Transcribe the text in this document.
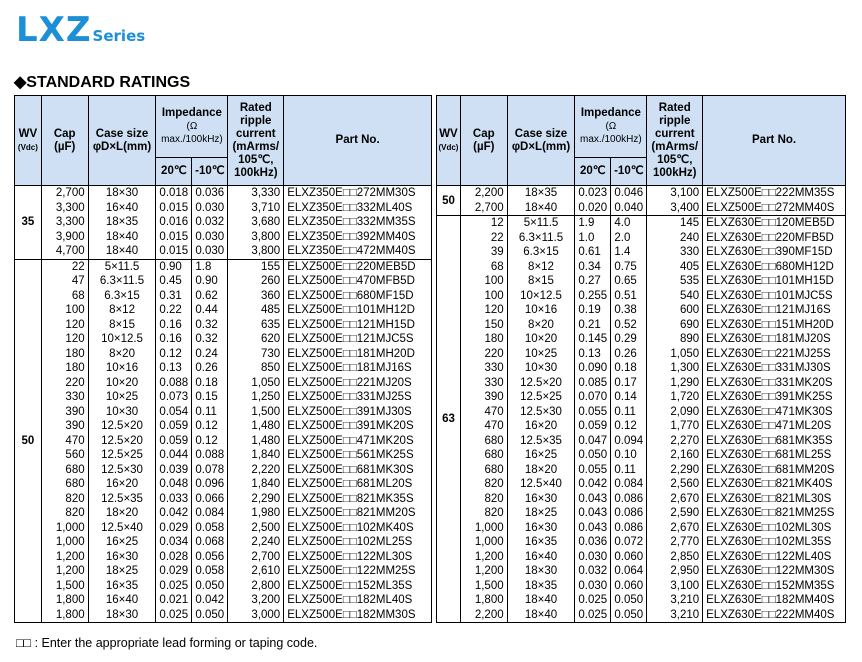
LXZSeries
◆STANDARD RATINGS
WV
(Vdc)	Cap
(µF)	Case size
φD×L(mm)	Impedance
(Ω max./100kHz)		Rated ripple current
(mArms/ 105℃, 100kHz)	Part No.
			20℃	-10℃		
35	2,700	18×30	0.018	0.036	3,330	ELXZ350E□□272MM30S
	3,300	16×40	0.015	0.030	3,710	ELXZ350E□□332ML40S
	3,300	18×35	0.016	0.032	3,680	ELXZ350E□□332MM35S
	3,900	18×40	0.015	0.030	3,800	ELXZ350E□□392MM40S
	4,700	18×40	0.015	0.030	3,800	ELXZ350E□□472MM40S
50	22	5×11.5	0.90	1.8	155	ELXZ500E□□220MEB5D
	47	6.3×11.5	0.45	0.90	260	ELXZ500E□□470MFB5D
	68	6.3×15	0.31	0.62	360	ELXZ500E□□680MF15D
	100	8×12	0.22	0.44	485	ELXZ500E□□101MH12D
	120	8×15	0.16	0.32	635	ELXZ500E□□121MH15D
	120	10×12.5	0.16	0.32	620	ELXZ500E□□121MJC5S
	180	8×20	0.12	0.24	730	ELXZ500E□□181MH20D
	180	10×16	0.13	0.26	850	ELXZ500E□□181MJ16S
	220	10×20	0.088	0.18	1,050	ELXZ500E□□221MJ20S
	330	10×25	0.073	0.15	1,250	ELXZ500E□□331MJ25S
	390	10×30	0.054	0.11	1,500	ELXZ500E□□391MJ30S
	390	12.5×20	0.059	0.12	1,480	ELXZ500E□□391MK20S
	470	12.5×20	0.059	0.12	1,480	ELXZ500E□□471MK20S
	560	12.5×25	0.044	0.088	1,840	ELXZ500E□□561MK25S
	680	12.5×30	0.039	0.078	2,220	ELXZ500E□□681MK30S
	680	16×20	0.048	0.096	1,840	ELXZ500E□□681ML20S
	820	12.5×35	0.033	0.066	2,290	ELXZ500E□□821MK35S
	820	18×20	0.042	0.084	1,980	ELXZ500E□□821MM20S
	1,000	12.5×40	0.029	0.058	2,500	ELXZ500E□□102MK40S
	1,000	16×25	0.034	0.068	2,240	ELXZ500E□□102ML25S
	1,200	16×30	0.028	0.056	2,700	ELXZ500E□□122ML30S
	1,200	18×25	0.029	0.058	2,610	ELXZ500E□□122MM25S
	1,500	16×35	0.025	0.050	2,800	ELXZ500E□□152ML35S
	1,800	16×40	0.021	0.042	3,200	ELXZ500E□□182ML40S
	1,800	18×30	0.025	0.050	3,000	ELXZ500E□□182MM30S
WV
(Vdc)	Cap
(µF)	Case size
φD×L(mm)	Impedance
(Ω max./100kHz)		Rated ripple current
(mArms/ 105℃, 100kHz)	Part No.
			20℃	-10℃		
50	2,200	18×35	0.023	0.046	3,100	ELXZ500E□□222MM35S
	2,700	18×40	0.020	0.040	3,400	ELXZ500E□□272MM40S
63	12	5×11.5	1.9	4.0	145	ELXZ630E□□120MEB5D
	22	6.3×11.5	1.0	2.0	240	ELXZ630E□□220MFB5D
	39	6.3×15	0.61	1.4	330	ELXZ630E□□390MF15D
	68	8×12	0.34	0.75	405	ELXZ630E□□680MH12D
	100	8×15	0.27	0.65	535	ELXZ630E□□101MH15D
	100	10×12.5	0.255	0.51	540	ELXZ630E□□101MJC5S
	120	10×16	0.19	0.38	600	ELXZ630E□□121MJ16S
	150	8×20	0.21	0.52	690	ELXZ630E□□151MH20D
	180	10×20	0.145	0.29	890	ELXZ630E□□181MJ20S
	220	10×25	0.13	0.26	1,050	ELXZ630E□□221MJ25S
	330	10×30	0.090	0.18	1,300	ELXZ630E□□331MJ30S
	330	12.5×20	0.085	0.17	1,290	ELXZ630E□□331MK20S
	390	12.5×25	0.070	0.14	1,720	ELXZ630E□□391MK25S
	470	12.5×30	0.055	0.11	2,090	ELXZ630E□□471MK30S
	470	16×20	0.059	0.12	1,770	ELXZ630E□□471ML20S
	680	12.5×35	0.047	0.094	2,270	ELXZ630E□□681MK35S
	680	16×25	0.050	0.10	2,160	ELXZ630E□□681ML25S
	680	18×20	0.055	0.11	2,290	ELXZ630E□□681MM20S
	820	12.5×40	0.042	0.084	2,560	ELXZ630E□□821MK40S
	820	16×30	0.043	0.086	2,670	ELXZ630E□□821ML30S
	820	18×25	0.043	0.086	2,590	ELXZ630E□□821MM25S
	1,000	16×30	0.043	0.086	2,670	ELXZ630E□□102ML30S
	1,000	16×35	0.036	0.072	2,770	ELXZ630E□□102ML35S
	1,200	16×40	0.030	0.060	2,850	ELXZ630E□□122ML40S
	1,200	18×30	0.032	0.064	2,950	ELXZ630E□□122MM30S
	1,500	18×35	0.030	0.060	3,100	ELXZ630E□□152MM35S
	1,800	18×40	0.025	0.050	3,210	ELXZ630E□□182MM40S
	2,200	18×40	0.025	0.050	3,210	ELXZ630E□□222MM40S
□□ : Enter the appropriate lead forming or taping code.
